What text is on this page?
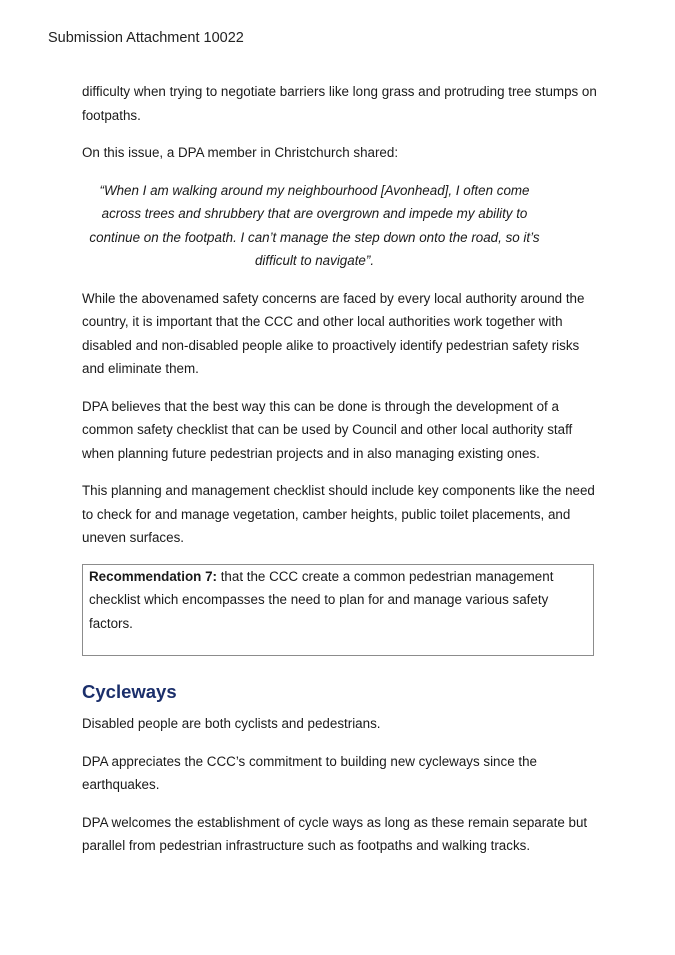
Submission Attachment 10022

difficulty when trying to negotiate barriers like long grass and protruding tree stumps on footpaths.

On this issue, a DPA member in Christchurch shared:

“When I am walking around my neighbourhood [Avonhead], I often come across trees and shrubbery that are overgrown and impede my ability to continue on the footpath. I can’t manage the step down onto the road, so it’s difficult to navigate”.

While the abovenamed safety concerns are faced by every local authority around the country, it is important that the CCC and other local authorities work together with disabled and non-disabled people alike to proactively identify pedestrian safety risks and eliminate them.

DPA believes that the best way this can be done is through the development of a common safety checklist that can be used by Council and other local authority staff when planning future pedestrian projects and in also managing existing ones.

This planning and management checklist should include key components like the need to check for and manage vegetation, camber heights, public toilet placements, and uneven surfaces.

Recommendation 7: that the CCC create a common pedestrian management checklist which encompasses the need to plan for and manage various safety factors.
Cycleways

Disabled people are both cyclists and pedestrians.

DPA appreciates the CCC’s commitment to building new cycleways since the earthquakes.

DPA welcomes the establishment of cycle ways as long as these remain separate but parallel from pedestrian infrastructure such as footpaths and walking tracks.
